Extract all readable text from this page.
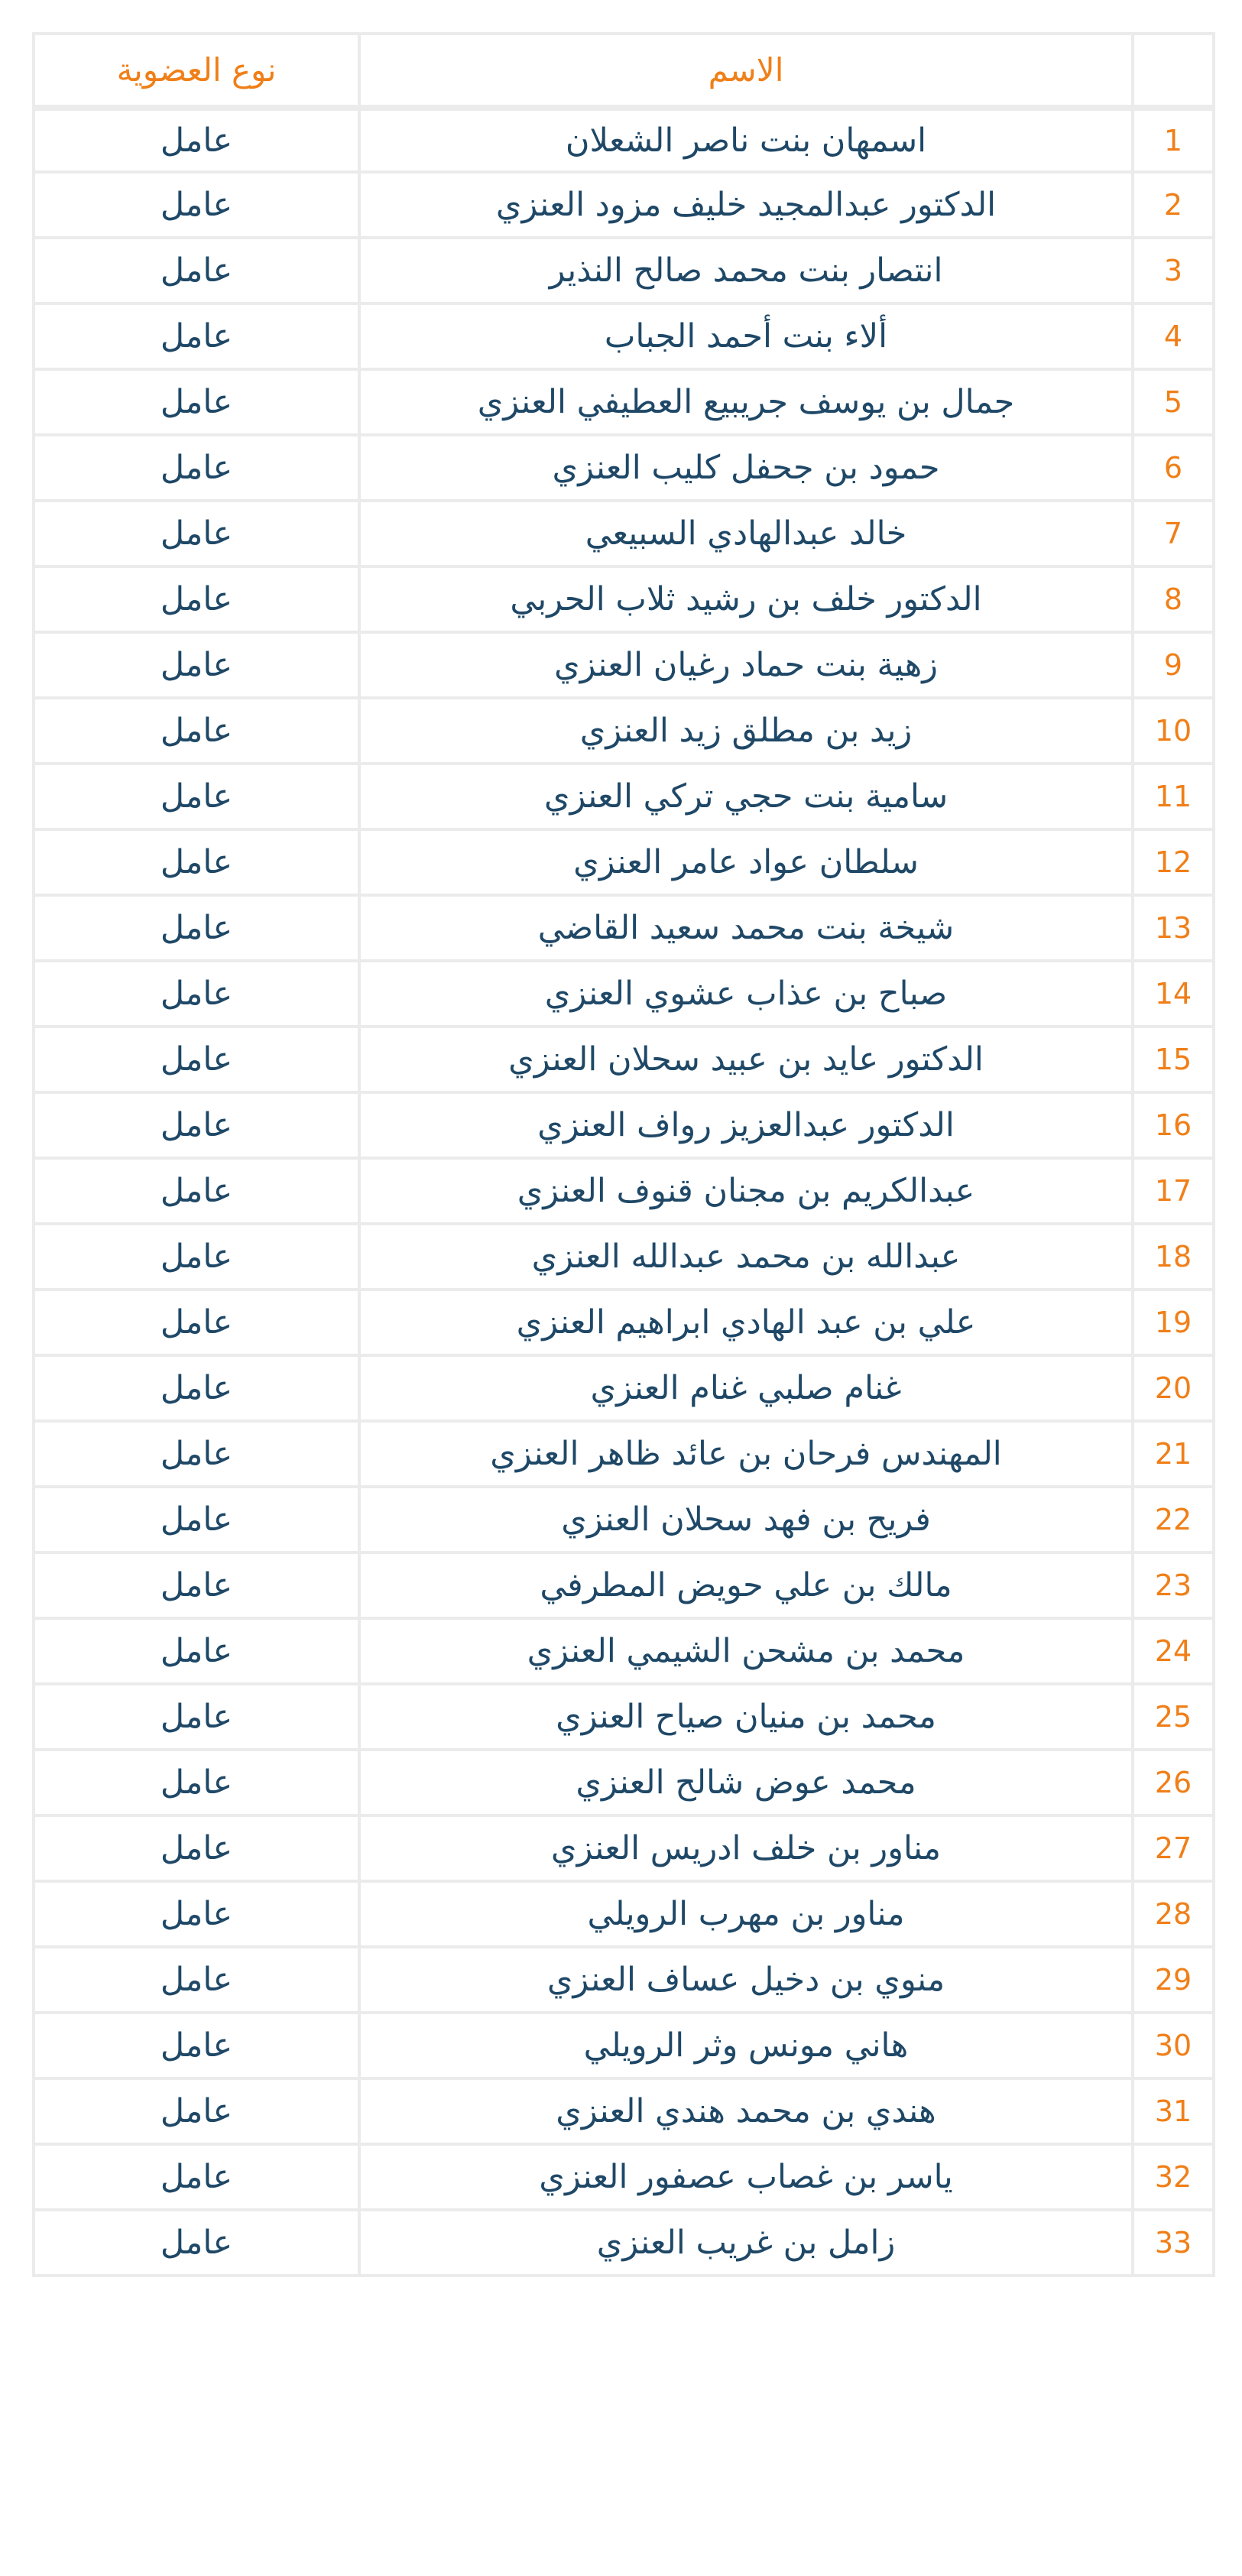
	الاسم	نوع العضوية
1	اسمهان بنت ناصر الشعلان	عامل
2	الدكتور عبدالمجيد خليف مزود العنزي	عامل
3	انتصار بنت محمد صالح النذير	عامل
4	ألاء بنت أحمد الجباب	عامل
5	جمال بن يوسف جريبيع العطيفي العنزي	عامل
6	حمود بن جحفل كليب العنزي	عامل
7	خالد عبدالهادي السبيعي	عامل
8	الدكتور خلف بن رشيد ثلاب الحربي	عامل
9	زهية بنت حماد رغيان العنزي	عامل
10	زيد بن مطلق زيد العنزي	عامل
11	سامية بنت حجي تركي العنزي	عامل
12	سلطان عواد عامر العنزي	عامل
13	شيخة بنت محمد سعيد القاضي	عامل
14	صباح بن عذاب عشوي العنزي	عامل
15	الدكتور عايد بن عبيد سحلان العنزي	عامل
16	الدكتور عبدالعزيز رواف العنزي	عامل
17	عبدالكريم بن مجنان قنوف العنزي	عامل
18	عبدالله بن محمد عبدالله العنزي	عامل
19	علي بن عبد الهادي ابراهيم العنزي	عامل
20	غنام صلبي غنام العنزي	عامل
21	المهندس فرحان بن عائد ظاهر العنزي	عامل
22	فريح بن فهد سحلان العنزي	عامل
23	مالك بن علي حويض المطرفي	عامل
24	محمد بن مشحن الشيمي العنزي	عامل
25	محمد بن منيان صياح العنزي	عامل
26	محمد عوض شالح العنزي	عامل
27	مناور بن خلف ادريس العنزي	عامل
28	مناور بن مهرب الرويلي	عامل
29	منوي بن دخيل عساف العنزي	عامل
30	هاني مونس وثر الرويلي	عامل
31	هندي بن محمد هندي العنزي	عامل
32	ياسر بن غصاب عصفور العنزي	عامل
33	زامل بن غريب العنزي	عامل
